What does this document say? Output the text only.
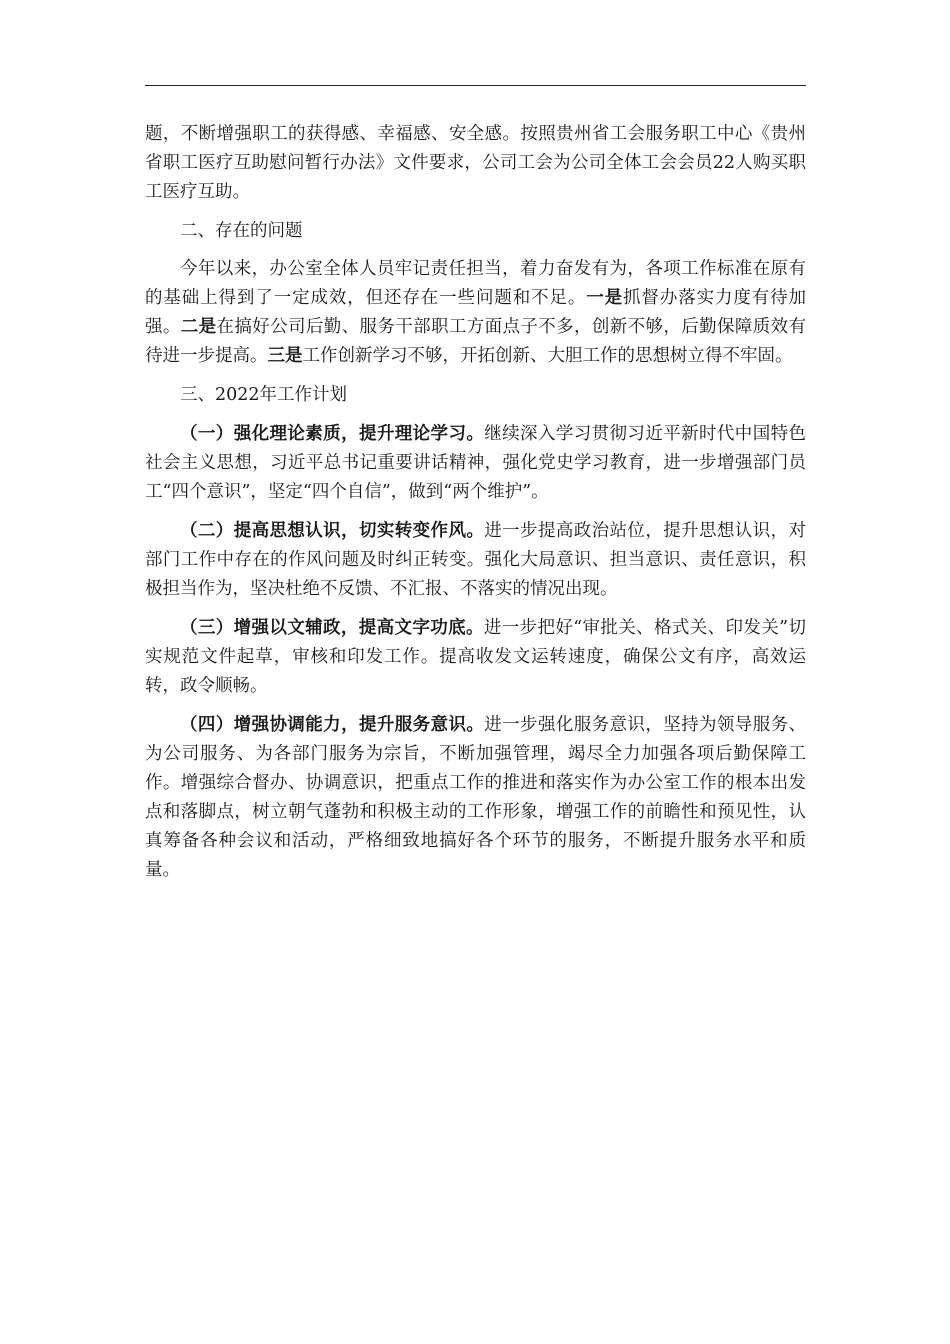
题，不断增强职工的获得感、幸福感、安全感。按照贵州省工会服务职工中心《贵州省职工医疗互助慰问暂行办法》文件要求，公司工会为公司全体工会会员22人购买职工医疗互助。

二、存在的问题

今年以来，办公室全体人员牢记责任担当，着力奋发有为，各项工作标准在原有的基础上得到了一定成效，但还存在一些问题和不足。一是抓督办落实力度有待加强。二是在搞好公司后勤、服务干部职工方面点子不多，创新不够，后勤保障质效有待进一步提高。三是工作创新学习不够，开拓创新、大胆工作的思想树立得不牢固。

三、2022年工作计划

（一）强化理论素质，提升理论学习。继续深入学习贯彻习近平新时代中国特色社会主义思想，习近平总书记重要讲话精神，强化党史学习教育，进一步增强部门员工“四个意识”，坚定“四个自信”，做到“两个维护”。

（二）提高思想认识，切实转变作风。进一步提高政治站位，提升思想认识，对部门工作中存在的作风问题及时纠正转变。强化大局意识、担当意识、责任意识，积极担当作为，坚决杜绝不反馈、不汇报、不落实的情况出现。

（三）增强以文辅政，提高文字功底。进一步把好“审批关、格式关、印发关”切实规范文件起草，审核和印发工作。提高收发文运转速度，确保公文有序，高效运转，政令顺畅。

（四）增强协调能力，提升服务意识。进一步强化服务意识，坚持为领导服务、为公司服务、为各部门服务为宗旨，不断加强管理，竭尽全力加强各项后勤保障工作。增强综合督办、协调意识，把重点工作的推进和落实作为办公室工作的根本出发点和落脚点，树立朝气蓬勃和积极主动的工作形象，增强工作的前瞻性和预见性，认真筹备各种会议和活动，严格细致地搞好各个环节的服务，不断提升服务水平和质量。
